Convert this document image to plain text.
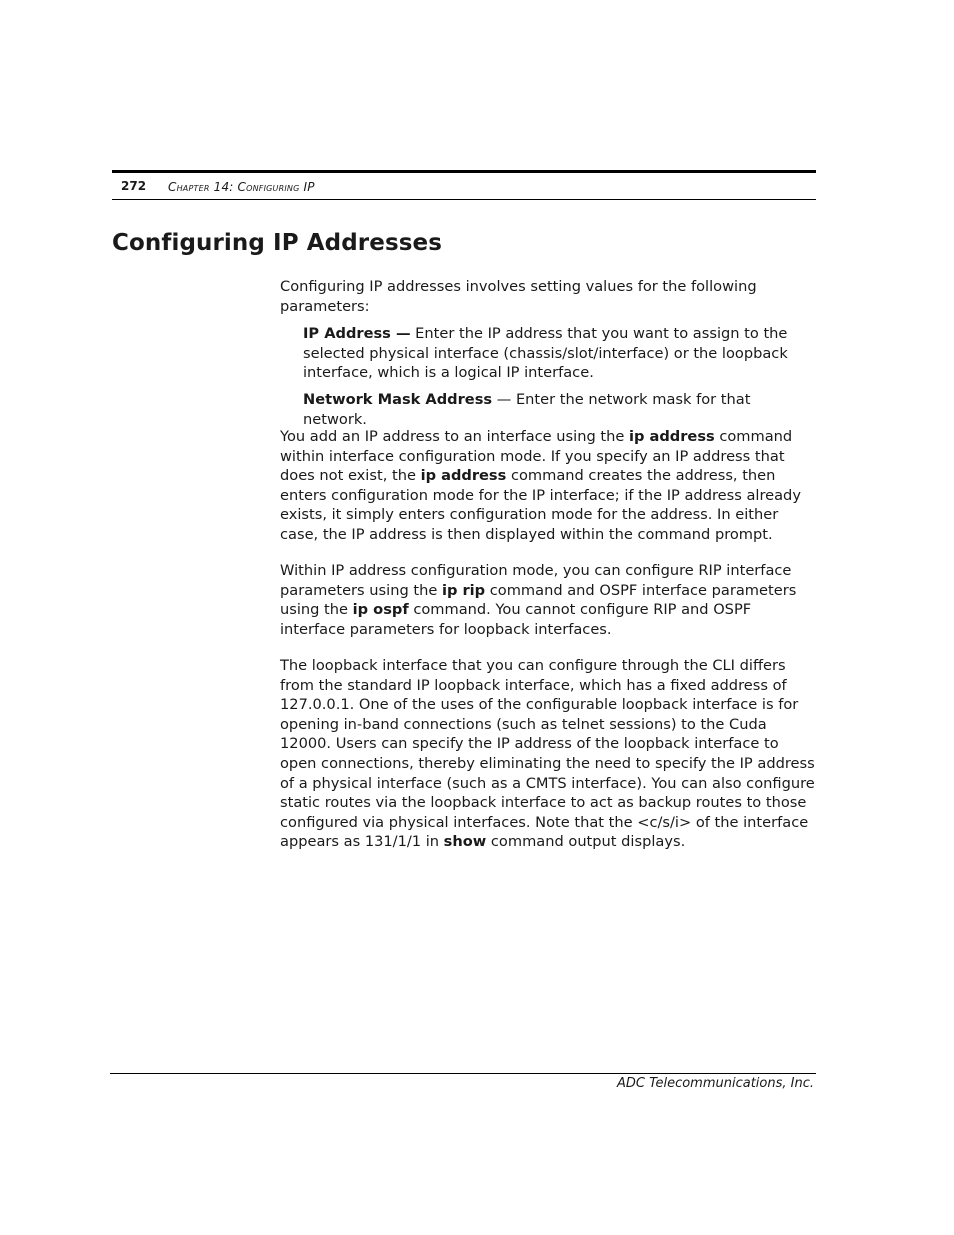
272 Chapter 14: Configuring IP
Configuring IP Addresses

Configuring IP addresses involves setting values for the following parameters:

IP Address — Enter the IP address that you want to assign to the selected physical interface (chassis/slot/interface) or the loopback interface, which is a logical IP interface.

Network Mask Address — Enter the network mask for that network.

You add an IP address to an interface using the ip address command within interface configuration mode. If you specify an IP address that does not exist, the ip address command creates the address, then enters configuration mode for the IP interface; if the IP address already exists, it simply enters configuration mode for the address. In either case, the IP address is then displayed within the command prompt.

Within IP address configuration mode, you can configure RIP interface parameters using the ip rip command and OSPF interface parameters using the ip ospf command. You cannot configure RIP and OSPF interface parameters for loopback interfaces.

The loopback interface that you can configure through the CLI differs from the standard IP loopback interface, which has a fixed address of 127.0.0.1. One of the uses of the configurable loopback interface is for opening in-band connections (such as telnet sessions) to the Cuda 12000. Users can specify the IP address of the loopback interface to open connections, thereby eliminating the need to specify the IP address of a physical interface (such as a CMTS interface). You can also configure static routes via the loopback interface to act as backup routes to those configured via physical interfaces. Note that the <c/s/i> of the interface appears as 131/1/1 in show command output displays.

ADC Telecommunications, Inc.
